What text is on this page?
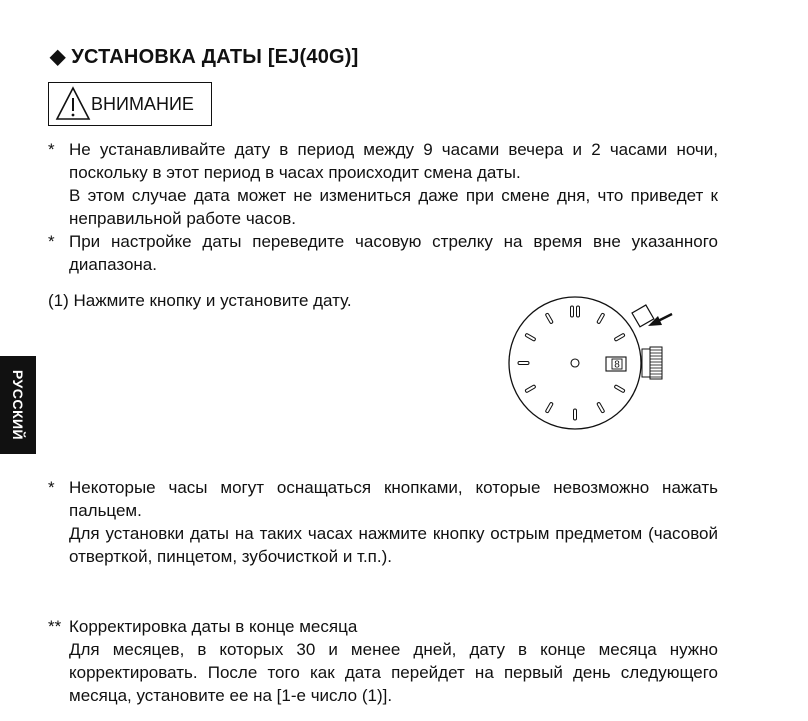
◆ УСТАНОВКА ДАТЫ [EJ(40G)]
ВНИМАНИЕ
* Не устанавливайте дату в период между 9 часами вечера и 2 часами ночи, поскольку в этот период в часах происходит смена даты.

В этом случае дата может не измениться даже при смене дня, что приведет к неправильной работе часов.

* При настройке даты переведите часовую стрелку на время вне указанного диапазона.

(1) Нажмите кнопку и установите дату.
8
* Некоторые часы могут оснащаться кнопками, которые невозможно нажать пальцем.

Для установки даты на таких часах нажмите кнопку острым предметом (часовой отверткой, пинцетом, зубочисткой и т.п.).

** Корректировка даты в конце месяца

Для месяцев, в которых 30 и менее дней, дату в конце месяца нужно корректировать. После того как дата перейдет на первый день следующего месяца, установите ее на [1-е число (1)].

РУССКИЙ
